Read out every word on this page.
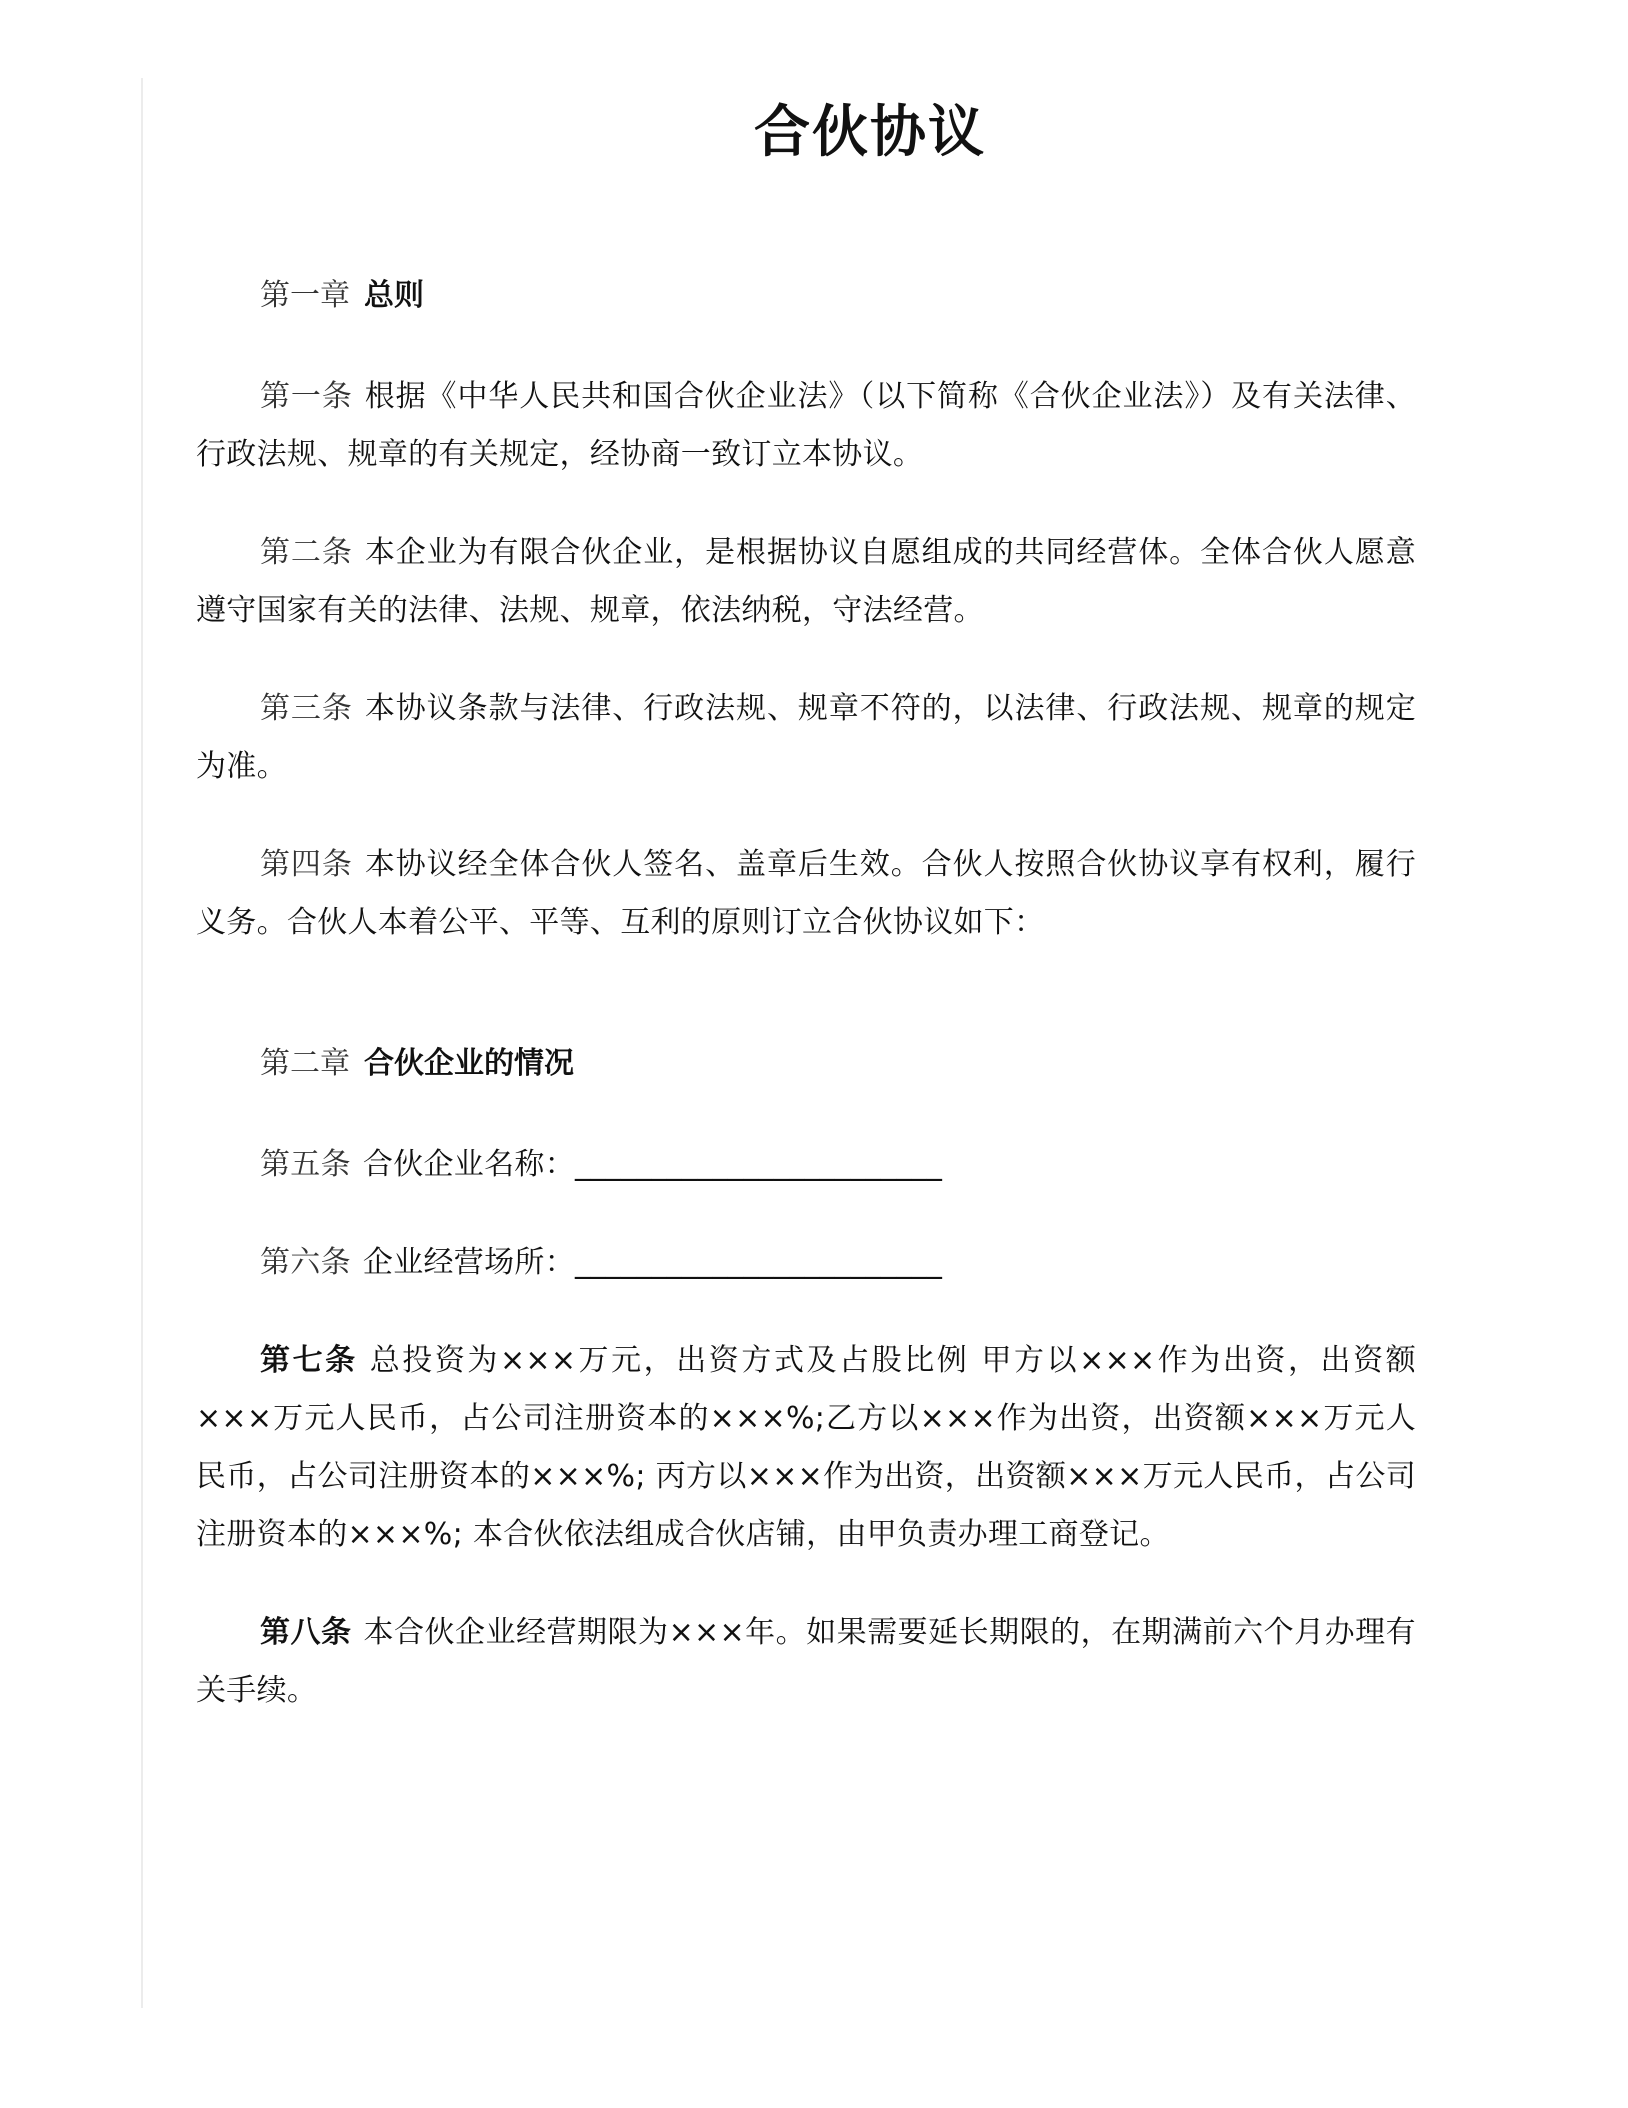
合伙协议
第一章 总则

第一条 根据《中华人民共和国合伙企业法》（以下简称《合伙企业法》）及有关法律、行政法规、规章的有关规定，经协商一致订立本协议。

第二条 本企业为有限合伙企业，是根据协议自愿组成的共同经营体。全体合伙人愿意遵守国家有关的法律、法规、规章，依法纳税，守法经营。

第三条 本协议条款与法律、行政法规、规章不符的，以法律、行政法规、规章的规定为准。

第四条 本协议经全体合伙人签名、盖章后生效。合伙人按照合伙协议享有权利，履行义务。合伙人本着公平、平等、互利的原则订立合伙协议如下：

第二章 合伙企业的情况

第五条 合伙企业名称：________________________

第六条 企业经营场所：________________________

第七条 总投资为×××万元，出资方式及占股比例 甲方以×××作为出资，出资额×××万元人民币，占公司注册资本的×××%;乙方以×××作为出资，出资额×××万元人民币，占公司注册资本的×××%; 丙方以×××作为出资，出资额×××万元人民币，占公司注册资本的×××%; 本合伙依法组成合伙店铺，由甲负责办理工商登记。

第八条 本合伙企业经营期限为×××年。如果需要延长期限的，在期满前六个月办理有关手续。
